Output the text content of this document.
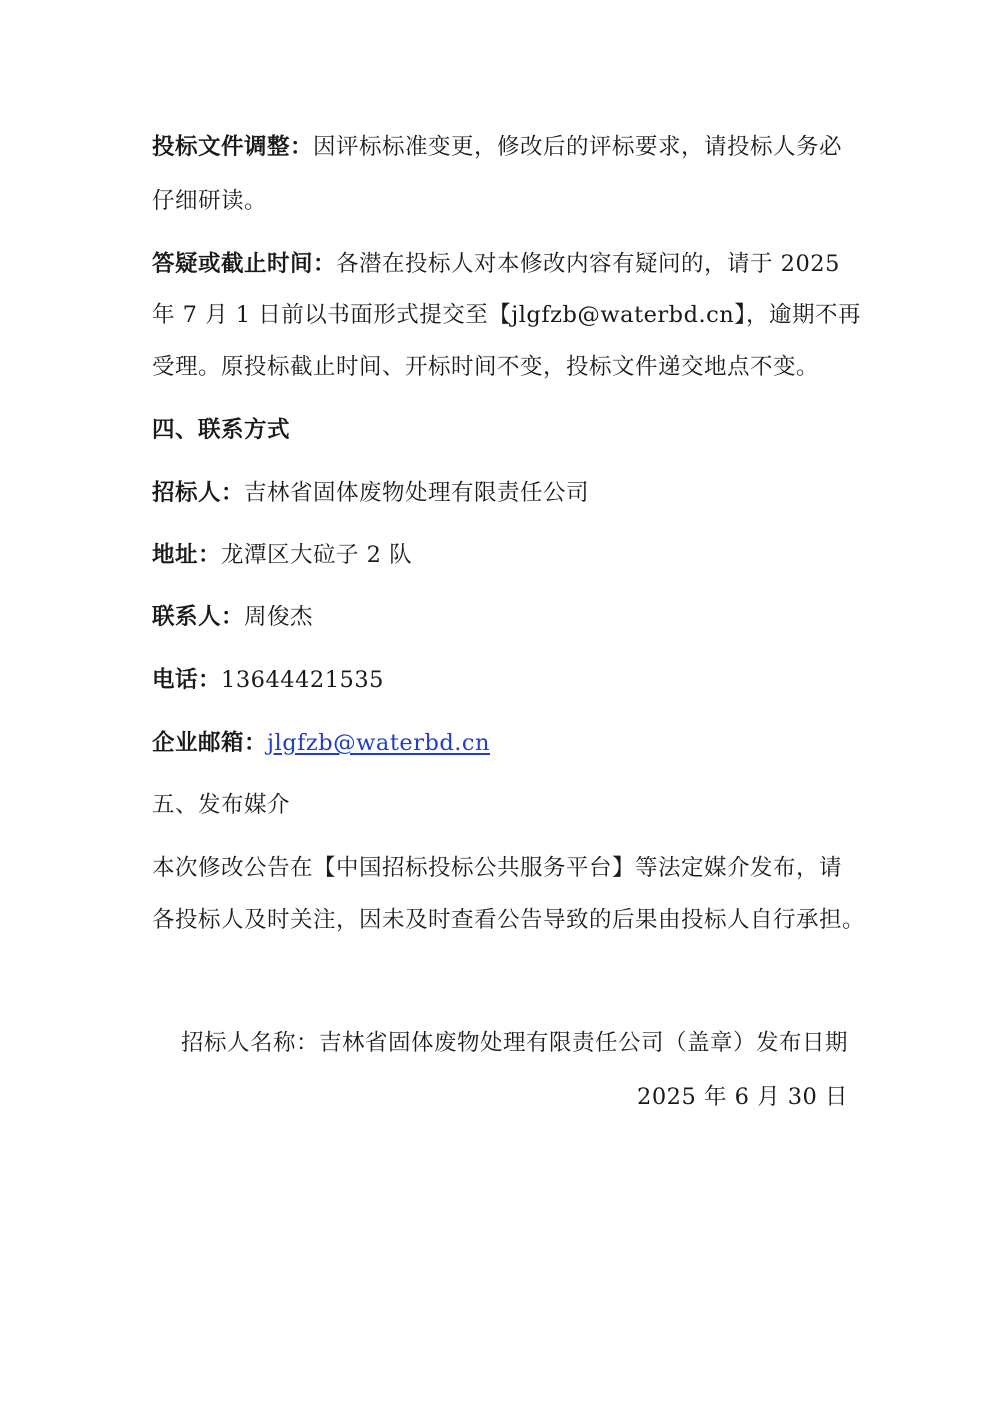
投标文件调整：因评标标准变更，修改后的评标要求，请投标人务必
仔细研读。
答疑或截止时间：各潜在投标人对本修改内容有疑问的，请于 2025
年 7 月 1 日前以书面形式提交至【jlgfzb@waterbd.cn】，逾期不再
受理。原投标截止时间、开标时间不变，投标文件递交地点不变。
四、联系方式
招标人：吉林省固体废物处理有限责任公司
地址：龙潭区大砬子 2 队
联系人：周俊杰
电话：13644421535
企业邮箱：jlgfzb@waterbd.cn
五、发布媒介
本次修改公告在【中国招标投标公共服务平台】等法定媒介发布，请
各投标人及时关注，因未及时查看公告导致的后果由投标人自行承担。
招标人名称：吉林省固体废物处理有限责任公司（盖章）发布日期
2025 年 6 月 30 日
